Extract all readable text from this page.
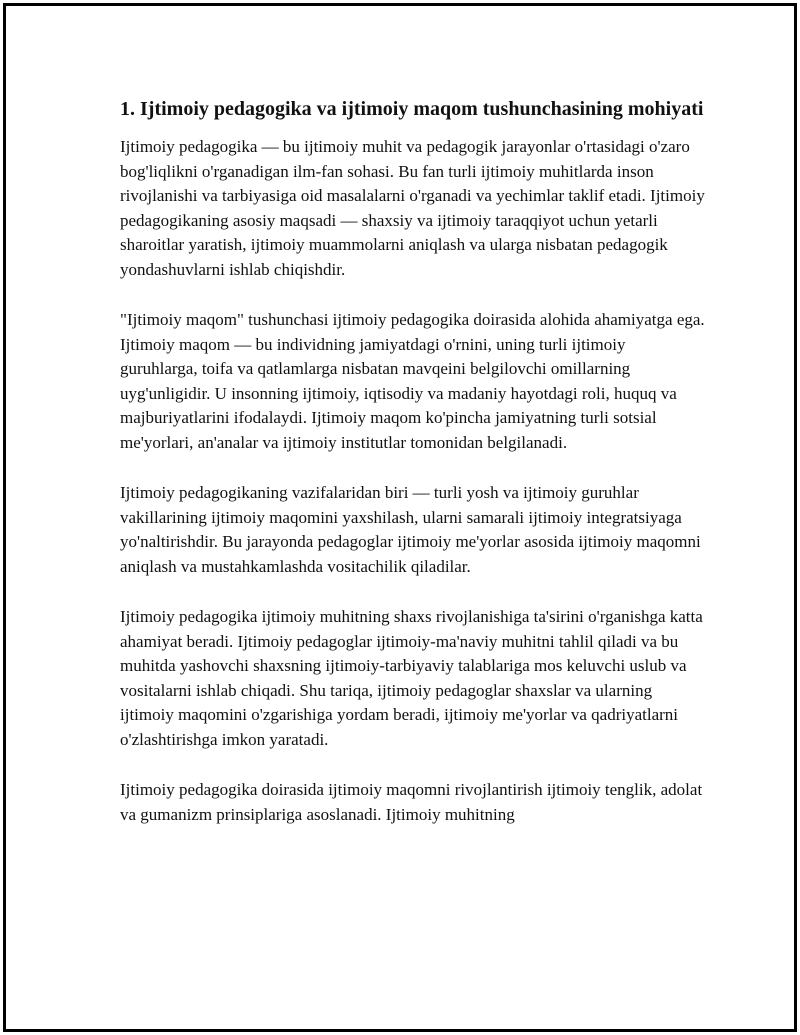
1. Ijtimoiy pedagogika va ijtimoiy maqom tushunchasining mohiyati

Ijtimoiy pedagogika — bu ijtimoiy muhit va pedagogik jarayonlar o'rtasidagi o'zaro bog'liqlikni o'rganadigan ilm-fan sohasi. Bu fan turli ijtimoiy muhitlarda inson rivojlanishi va tarbiyasiga oid masalalarni o'rganadi va yechimlar taklif etadi. Ijtimoiy pedagogikaning asosiy maqsadi — shaxsiy va ijtimoiy taraqqiyot uchun yetarli sharoitlar yaratish, ijtimoiy muammolarni aniqlash va ularga nisbatan pedagogik yondashuvlarni ishlab chiqishdir.

"Ijtimoiy maqom" tushunchasi ijtimoiy pedagogika doirasida alohida ahamiyatga ega. Ijtimoiy maqom — bu individning jamiyatdagi o'rnini, uning turli ijtimoiy guruhlarga, toifa va qatlamlarga nisbatan mavqeini belgilovchi omillarning uyg'unligidir. U insonning ijtimoiy, iqtisodiy va madaniy hayotdagi roli, huquq va majburiyatlarini ifodalaydi. Ijtimoiy maqom ko'pincha jamiyatning turli sotsial me'yorlari, an'analar va ijtimoiy institutlar tomonidan belgilanadi.

Ijtimoiy pedagogikaning vazifalaridan biri — turli yosh va ijtimoiy guruhlar vakillarining ijtimoiy maqomini yaxshilash, ularni samarali ijtimoiy integratsiyaga yo'naltirishdir. Bu jarayonda pedagoglar ijtimoiy me'yorlar asosida ijtimoiy maqomni aniqlash va mustahkamlashda vositachilik qiladilar.

Ijtimoiy pedagogika ijtimoiy muhitning shaxs rivojlanishiga ta'sirini o'rganishga katta ahamiyat beradi. Ijtimoiy pedagoglar ijtimoiy-ma'naviy muhitni tahlil qiladi va bu muhitda yashovchi shaxsning ijtimoiy-tarbiyaviy talablariga mos keluvchi uslub va vositalarni ishlab chiqadi. Shu tariqa, ijtimoiy pedagoglar shaxslar va ularning ijtimoiy maqomini o'zgarishiga yordam beradi, ijtimoiy me'yorlar va qadriyatlarni o'zlashtirishga imkon yaratadi.

Ijtimoiy pedagogika doirasida ijtimoiy maqomni rivojlantirish ijtimoiy tenglik, adolat va gumanizm prinsiplariga asoslanadi. Ijtimoiy muhitning
